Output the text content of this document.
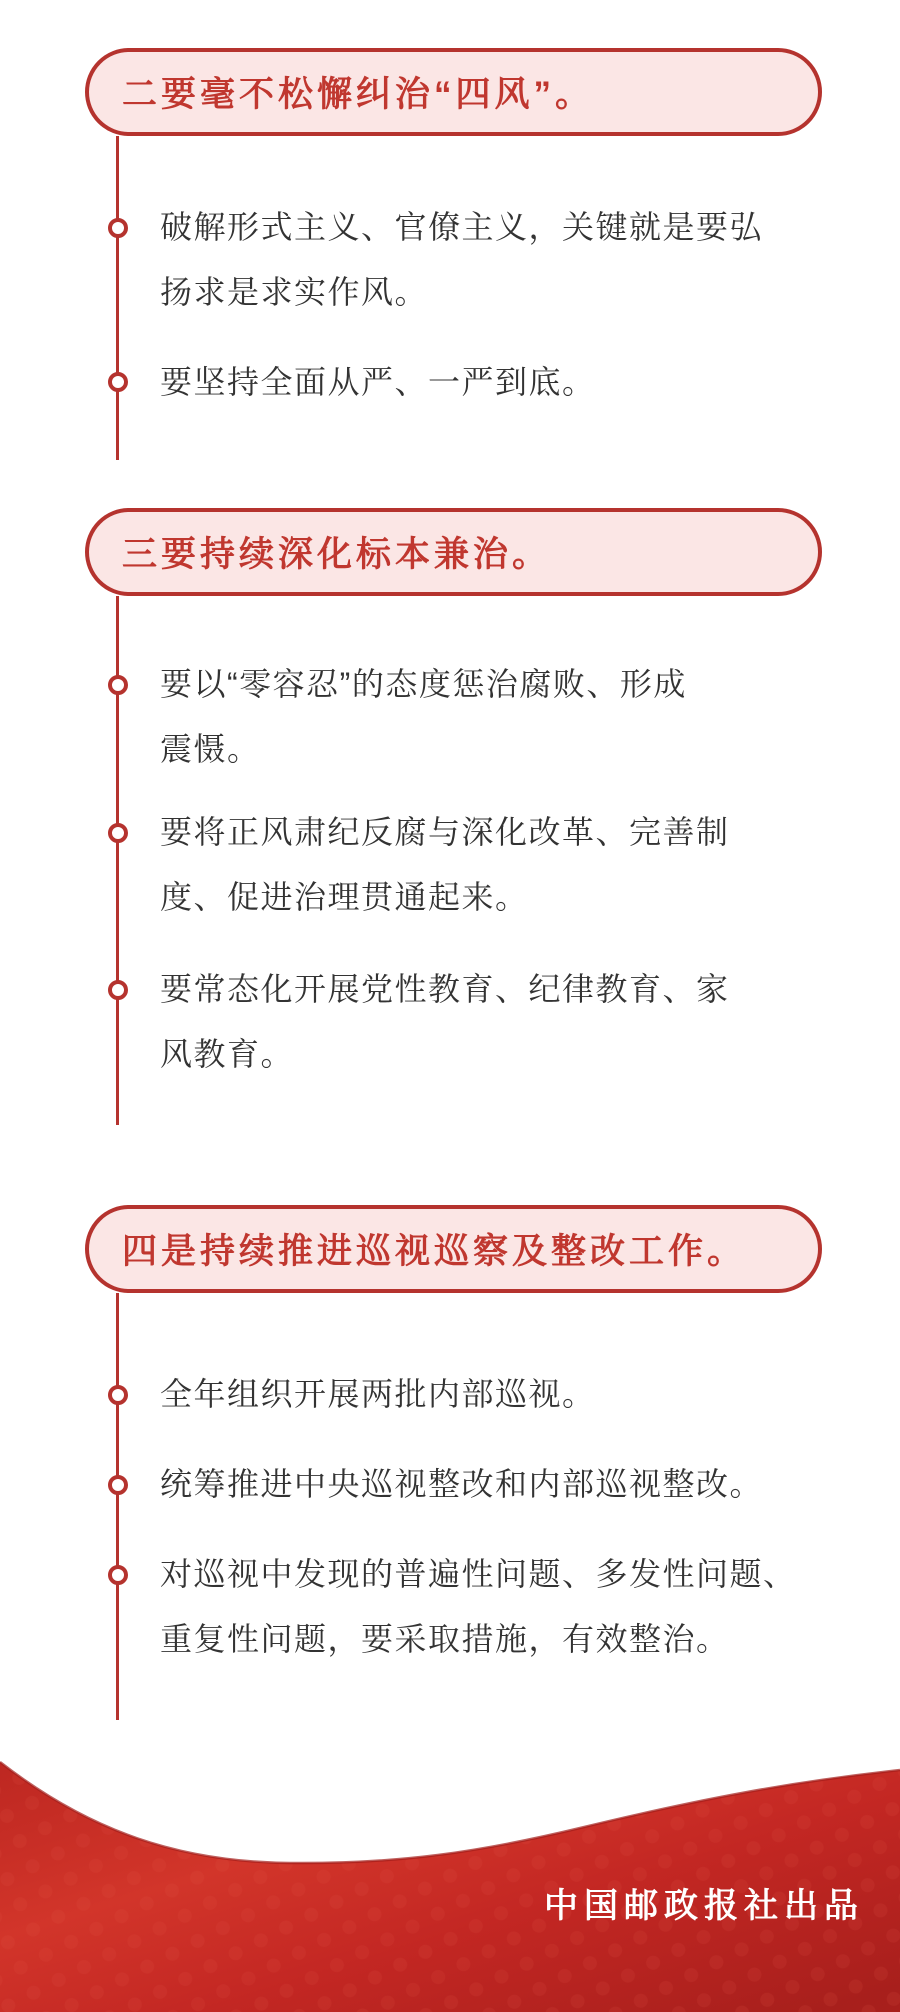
二要毫不松懈纠治“四风”。
破解形式主义、官僚主义，关键就是要弘
扬求是求实作风。
要坚持全面从严、一严到底。
三要持续深化标本兼治。
要以“零容忍”的态度惩治腐败、形成
震慑。
要将正风肃纪反腐与深化改革、完善制
度、促进治理贯通起来。
要常态化开展党性教育、纪律教育、家
风教育。
四是持续推进巡视巡察及整改工作。
全年组织开展两批内部巡视。
统筹推进中央巡视整改和内部巡视整改。
对巡视中发现的普遍性问题、多发性问题、
重复性问题，要采取措施，有效整治。
中国邮政报社出品
